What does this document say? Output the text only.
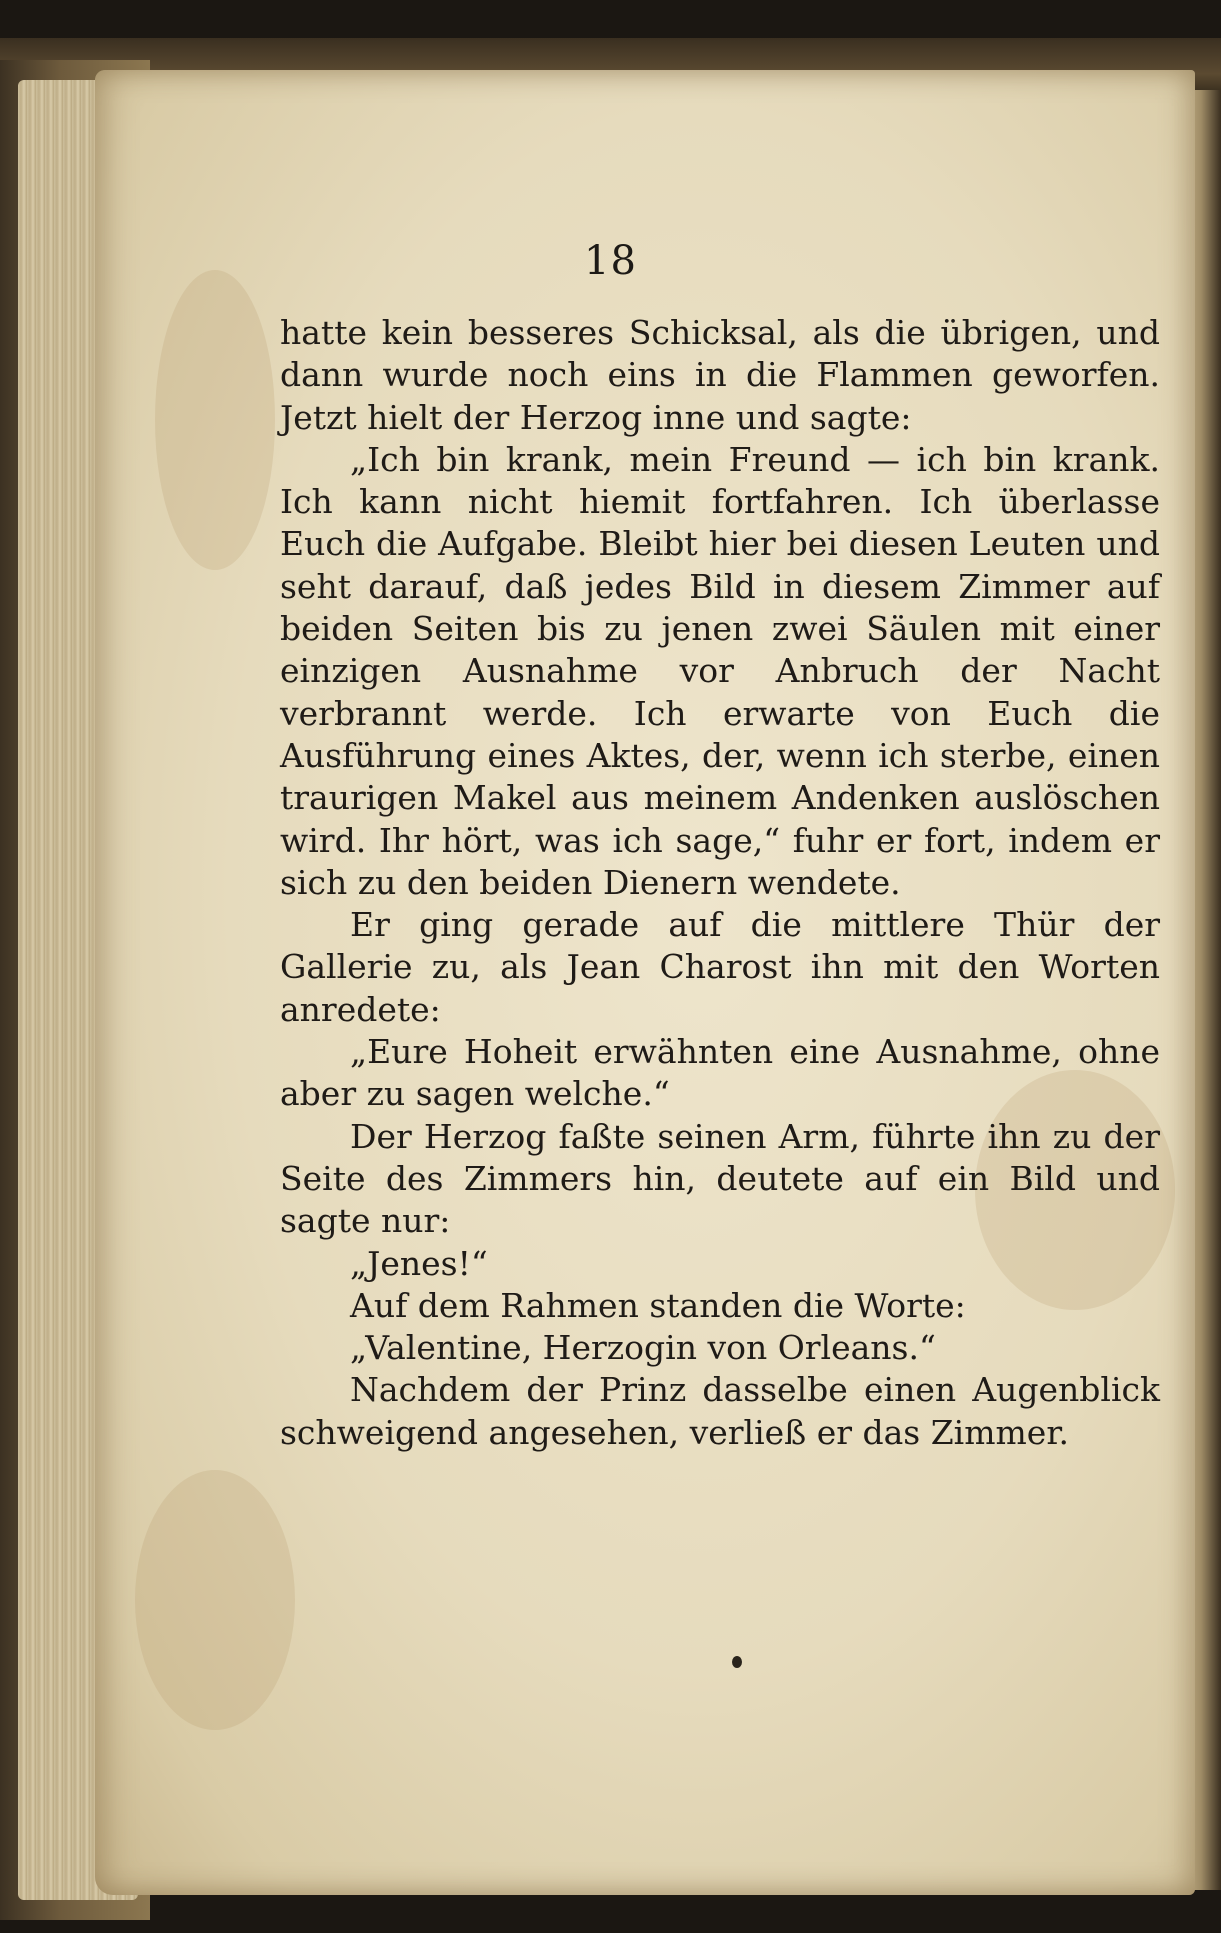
18

hatte kein besseres Schicksal, als die übrigen, und dann wurde noch eins in die Flammen geworfen. Jetzt hielt der Herzog inne und sagte:

„Ich bin krank, mein Freund — ich bin krank. Ich kann nicht hiemit fortfahren. Ich überlasse Euch die Aufgabe. Bleibt hier bei diesen Leuten und seht darauf, daß jedes Bild in diesem Zimmer auf beiden Seiten bis zu jenen zwei Säulen mit einer einzigen Ausnahme vor Anbruch der Nacht verbrannt werde. Ich erwarte von Euch die Ausführung eines Aktes, der, wenn ich sterbe, einen traurigen Makel aus meinem Andenken auslöschen wird. Ihr hört, was ich sage,“ fuhr er fort, indem er sich zu den beiden Dienern wendete.

Er ging gerade auf die mittlere Thür der Gallerie zu, als Jean Charost ihn mit den Worten anredete:

„Eure Hoheit erwähnten eine Ausnahme, ohne aber zu sagen welche.“

Der Herzog faßte seinen Arm, führte ihn zu der Seite des Zimmers hin, deutete auf ein Bild und sagte nur:

„Jenes!“

Auf dem Rahmen standen die Worte:

„Valentine, Herzogin von Orleans.“

Nachdem der Prinz dasselbe einen Augenblick schweigend angesehen, verließ er das Zimmer.
